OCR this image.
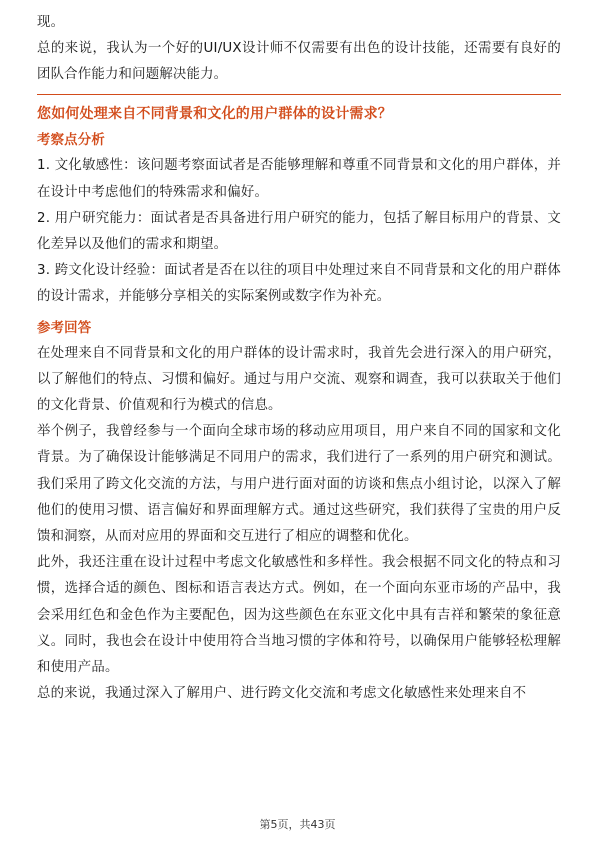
现。

总的来说，我认为一个好的UI/UX设计师不仅需要有出色的设计技能，还需要有良好的团队合作能力和问题解决能力。

您如何处理来自不同背景和文化的用户群体的设计需求？

考察点分析

1. 文化敏感性：该问题考察面试者是否能够理解和尊重不同背景和文化的用户群体，并在设计中考虑他们的特殊需求和偏好。

2. 用户研究能力：面试者是否具备进行用户研究的能力，包括了解目标用户的背景、文化差异以及他们的需求和期望。

3. 跨文化设计经验：面试者是否在以往的项目中处理过来自不同背景和文化的用户群体的设计需求，并能够分享相关的实际案例或数字作为补充。

参考回答

在处理来自不同背景和文化的用户群体的设计需求时，我首先会进行深入的用户研究，以了解他们的特点、习惯和偏好。通过与用户交流、观察和调查，我可以获取关于他们的文化背景、价值观和行为模式的信息。

举个例子，我曾经参与一个面向全球市场的移动应用项目，用户来自不同的国家和文化背景。为了确保设计能够满足不同用户的需求，我们进行了一系列的用户研究和测试。我们采用了跨文化交流的方法，与用户进行面对面的访谈和焦点小组讨论，以深入了解他们的使用习惯、语言偏好和界面理解方式。通过这些研究，我们获得了宝贵的用户反馈和洞察，从而对应用的界面和交互进行了相应的调整和优化。

此外，我还注重在设计过程中考虑文化敏感性和多样性。我会根据不同文化的特点和习惯，选择合适的颜色、图标和语言表达方式。例如，在一个面向东亚市场的产品中，我会采用红色和金色作为主要配色，因为这些颜色在东亚文化中具有吉祥和繁荣的象征意义。同时，我也会在设计中使用符合当地习惯的字体和符号，以确保用户能够轻松理解和使用产品。

总的来说，我通过深入了解用户、进行跨文化交流和考虑文化敏感性来处理来自不

第5页，共43页
